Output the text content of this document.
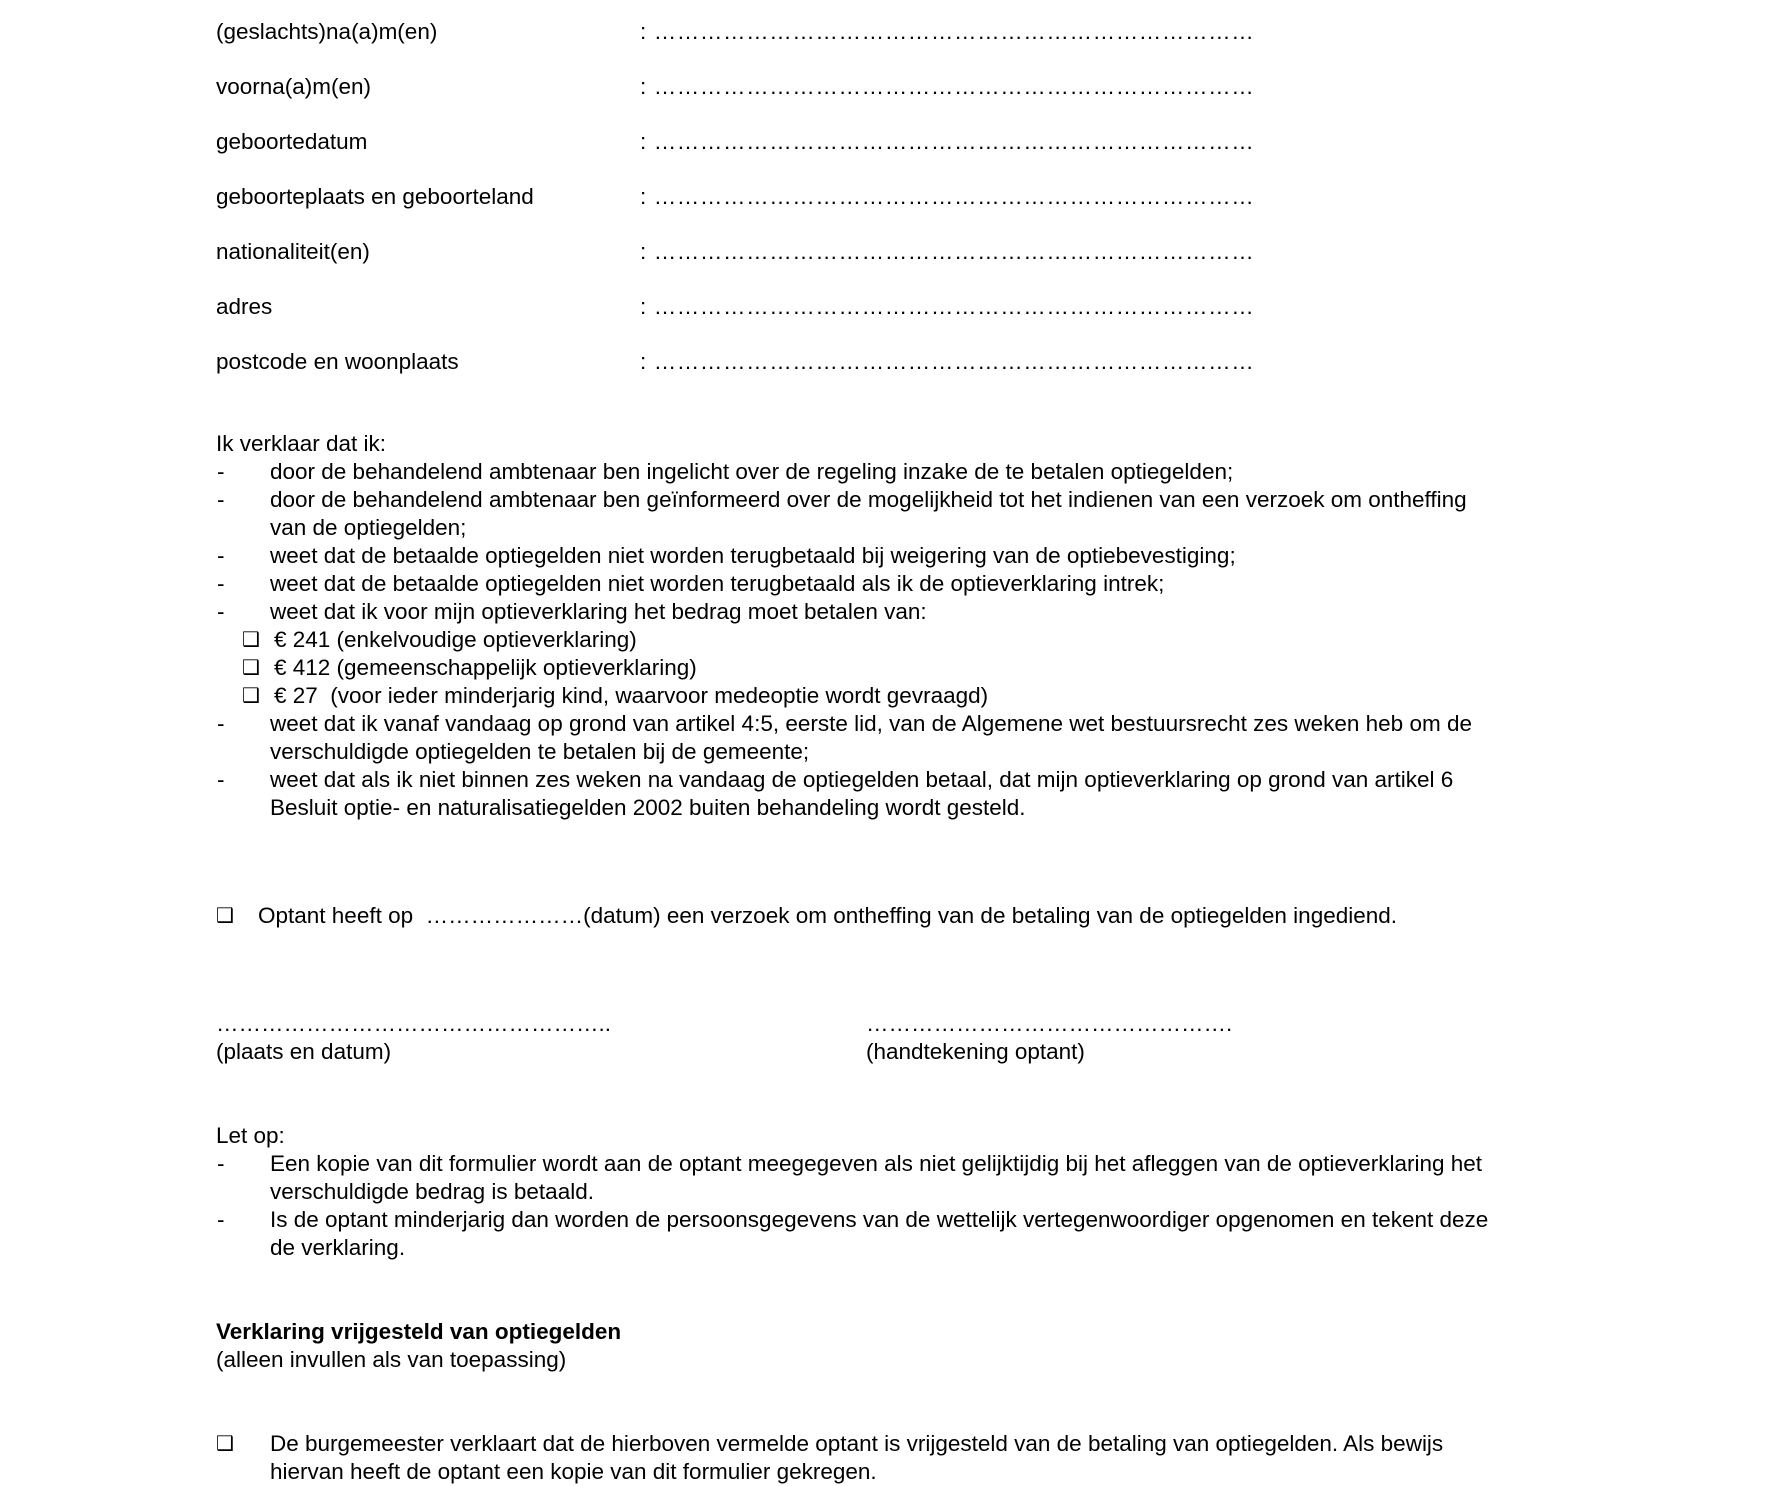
(geslachts)na(a)m(en)	: ……………………………………………………………………
voorna(a)m(en)	: ……………………………………………………………………
geboortedatum	: ……………………………………………………………………
geboorteplaats en geboorteland	: ……………………………………………………………………
nationaliteit(en)	: ……………………………………………………………………
adres	: ……………………………………………………………………
postcode en woonplaats	: ……………………………………………………………………
Ik verklaar dat ik:
- door de behandelend ambtenaar ben ingelicht over de regeling inzake de te betalen optiegelden;
- door de behandelend ambtenaar ben geïnformeerd over de mogelijkheid tot het indienen van een verzoek om ontheffing
van de optiegelden;
- weet dat de betaalde optiegelden niet worden terugbetaald bij weigering van de optiebevestiging;
- weet dat de betaalde optiegelden niet worden terugbetaald als ik de optieverklaring intrek;
- weet dat ik voor mijn optieverklaring het bedrag moet betalen van:
❑ € 241 (enkelvoudige optieverklaring)
❑ € 412 (gemeenschappelijk optieverklaring)
❑ € 27  (voor ieder minderjarig kind, waarvoor medeoptie wordt gevraagd)
- weet dat ik vanaf vandaag op grond van artikel 4:5, eerste lid, van de Algemene wet bestuursrecht zes weken heb om de
verschuldigde optiegelden te betalen bij de gemeente;
- weet dat als ik niet binnen zes weken na vandaag de optiegelden betaal, dat mijn optieverklaring op grond van artikel 6
Besluit optie- en naturalisatiegelden 2002 buiten behandeling wordt gesteld.
❑ Optant heeft op  …………………(datum) een verzoek om ontheffing van de betaling van de optiegelden ingediend.
……………………………………………..
(plaats en datum)
………………………………………….
(handtekening optant)
Let op:
- Een kopie van dit formulier wordt aan de optant meegegeven als niet gelijktijdig bij het afleggen van de optieverklaring het
verschuldigde bedrag is betaald.
- Is de optant minderjarig dan worden de persoonsgegevens van de wettelijk vertegenwoordiger opgenomen en tekent deze
de verklaring.
Verklaring vrijgesteld van optiegelden
(alleen invullen als van toepassing)
❑ De burgemeester verklaart dat de hierboven vermelde optant is vrijgesteld van de betaling van optiegelden. Als bewijs
hiervan heeft de optant een kopie van dit formulier gekregen.
